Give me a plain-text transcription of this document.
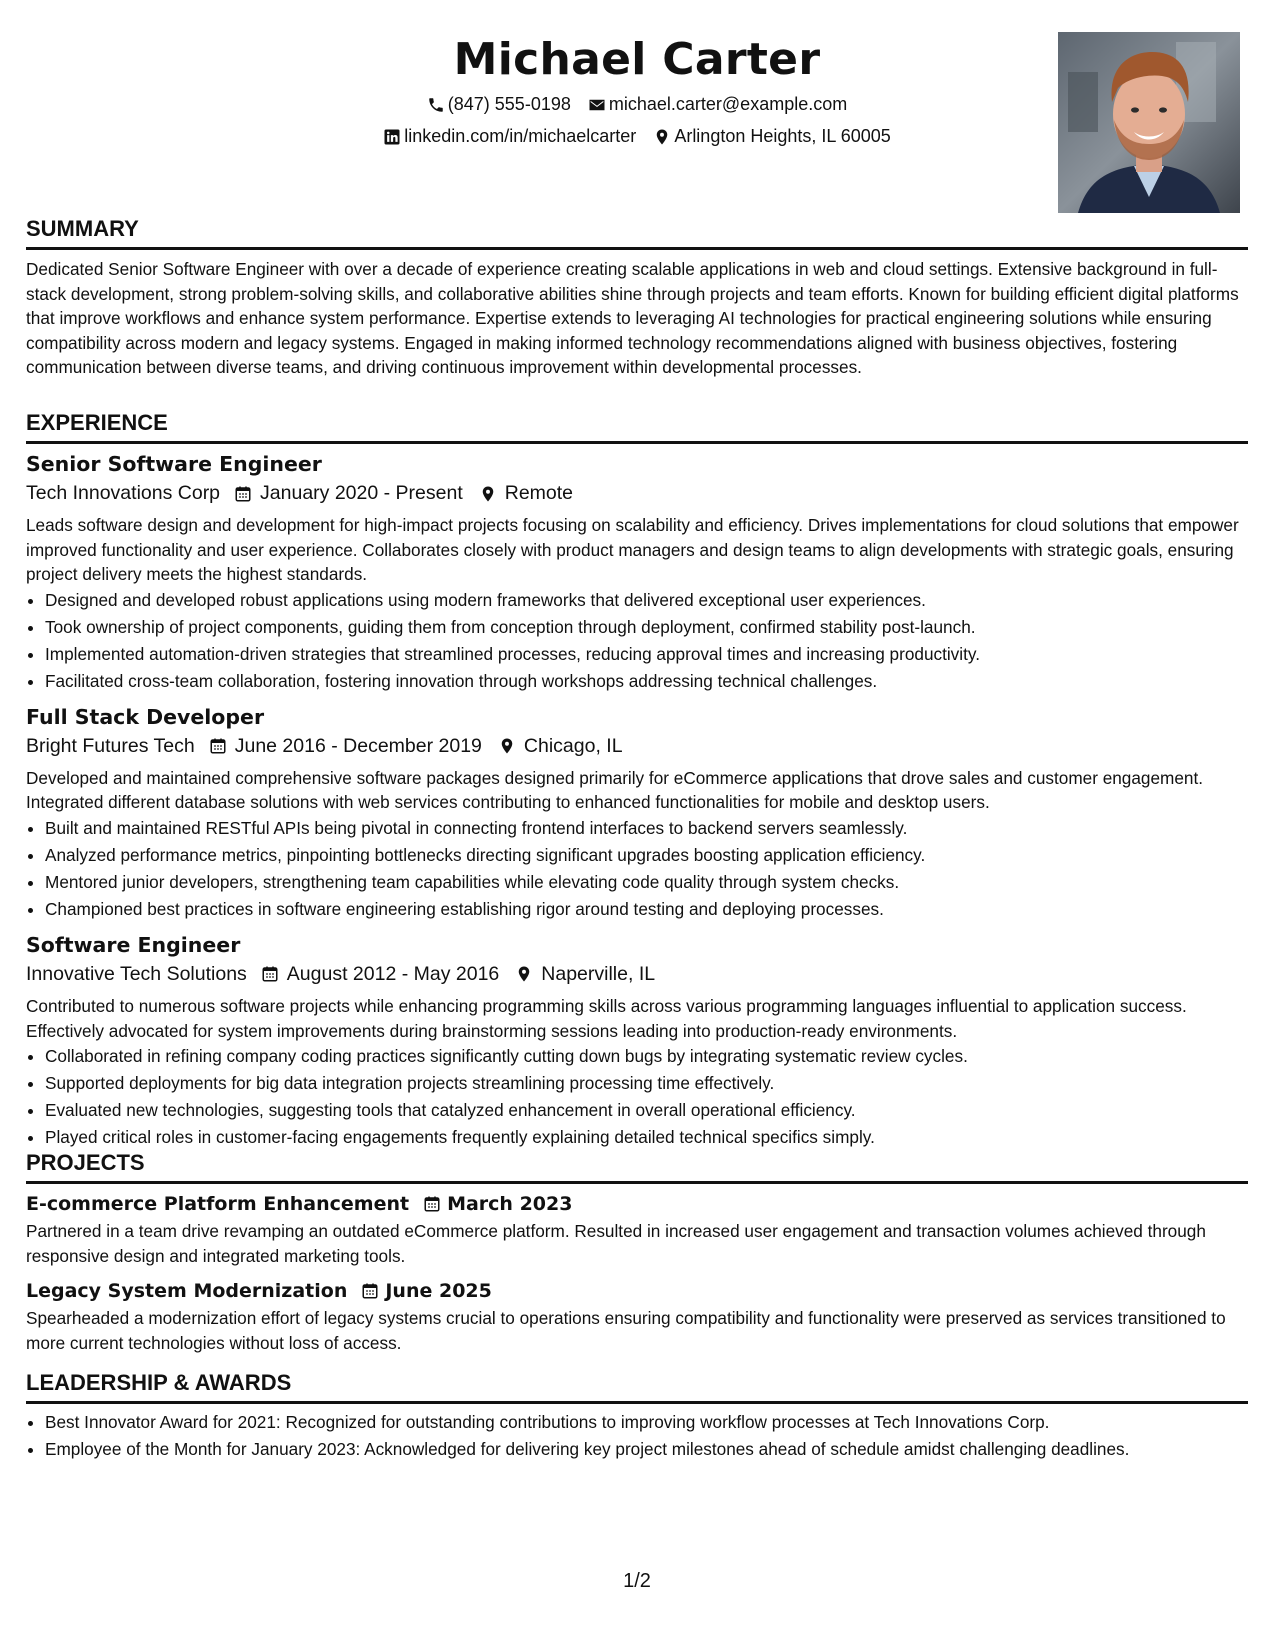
Michael Carter
(847) 555-0198
michael.carter@example.com
linkedin.com/in/michaelcarter
Arlington Heights, IL 60005
SUMMARY

Dedicated Senior Software Engineer with over a decade of experience creating scalable applications in web and cloud settings. Extensive background in full-stack development, strong problem-solving skills, and collaborative abilities shine through projects and team efforts. Known for building efficient digital platforms that improve workflows and enhance system performance. Expertise extends to leveraging AI technologies for practical engineering solutions while ensuring compatibility across modern and legacy systems. Engaged in making informed technology recommendations aligned with business objectives, fostering communication between diverse teams, and driving continuous improvement within developmental processes.

EXPERIENCE
Senior Software Engineer
Tech Innovations Corp January 2020 - Present Remote

Leads software design and development for high-impact projects focusing on scalability and efficiency. Drives implementations for cloud solutions that empower improved functionality and user experience. Collaborates closely with product managers and design teams to align developments with strategic goals, ensuring project delivery meets the highest standards.

• Designed and developed robust applications using modern frameworks that delivered exceptional user experiences.
• Took ownership of project components, guiding them from conception through deployment, confirmed stability post-launch.
• Implemented automation-driven strategies that streamlined processes, reducing approval times and increasing productivity.
• Facilitated cross-team collaboration, fostering innovation through workshops addressing technical challenges.
Full Stack Developer
Bright Futures Tech June 2016 - December 2019 Chicago, IL

Developed and maintained comprehensive software packages designed primarily for eCommerce applications that drove sales and customer engagement. Integrated different database solutions with web services contributing to enhanced functionalities for mobile and desktop users.

• Built and maintained RESTful APIs being pivotal in connecting frontend interfaces to backend servers seamlessly.
• Analyzed performance metrics, pinpointing bottlenecks directing significant upgrades boosting application efficiency.
• Mentored junior developers, strengthening team capabilities while elevating code quality through system checks.
• Championed best practices in software engineering establishing rigor around testing and deploying processes.
Software Engineer
Innovative Tech Solutions August 2012 - May 2016 Naperville, IL

Contributed to numerous software projects while enhancing programming skills across various programming languages influential to application success. Effectively advocated for system improvements during brainstorming sessions leading into production-ready environments.

• Collaborated in refining company coding practices significantly cutting down bugs by integrating systematic review cycles.
• Supported deployments for big data integration projects streamlining processing time effectively.
• Evaluated new technologies, suggesting tools that catalyzed enhancement in overall operational efficiency.
• Played critical roles in customer-facing engagements frequently explaining detailed technical specifics simply.
PROJECTS
E-commerce Platform Enhancement March 2023

Partnered in a team drive revamping an outdated eCommerce platform. Resulted in increased user engagement and transaction volumes achieved through responsive design and integrated marketing tools.

Legacy System Modernization June 2025

Spearheaded a modernization effort of legacy systems crucial to operations ensuring compatibility and functionality were preserved as services transitioned to more current technologies without loss of access.

LEADERSHIP & AWARDS
• Best Innovator Award for 2021: Recognized for outstanding contributions to improving workflow processes at Tech Innovations Corp.
• Employee of the Month for January 2023: Acknowledged for delivering key project milestones ahead of schedule amidst challenging deadlines.
1/2
